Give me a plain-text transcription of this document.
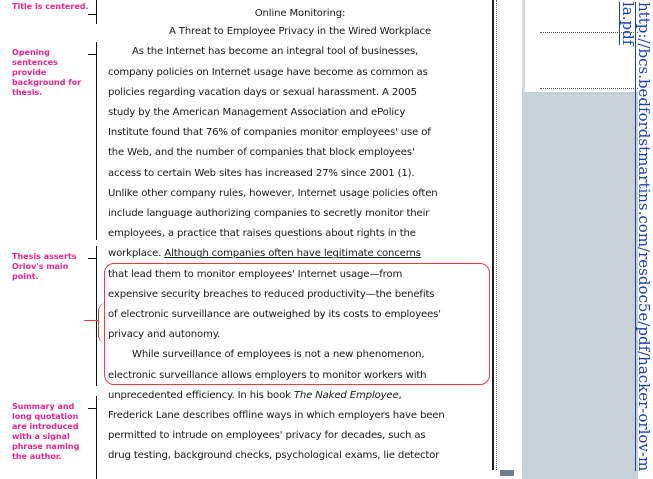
Title is centered.
Opening sentences provide background for thesis.
Thesis asserts Orlov's main point.
Summary and long quotation are introduced with a signal phrase naming the author.
Online Monitoring:
A Threat to Employee Privacy in the Wired Workplace
As the Internet has become an integral tool of businesses,
company policies on Internet usage have become as common as
policies regarding vacation days or sexual harassment. A 2005
study by the American Management Association and ePolicy
Institute found that 76% of companies monitor employees' use of
the Web, and the number of companies that block employees'
access to certain Web sites has increased 27% since 2001 (1).
Unlike other company rules, however, Internet usage policies often
include language authorizing companies to secretly monitor their
employees, a practice that raises questions about rights in the
workplace. Although companies often have legitimate concerns
that lead them to monitor employees' Internet usage—from
expensive security breaches to reduced productivity—the benefits
of electronic surveillance are outweighed by its costs to employees'
privacy and autonomy.
While surveillance of employees is not a new phenomenon,
electronic surveillance allows employers to monitor workers with
unprecedented efficiency. In his book The Naked Employee,
Frederick Lane describes offline ways in which employers have been
permitted to intrude on employees' privacy for decades, such as
drug testing, background checks, psychological exams, lie detector	http://bcs.bedfordstmartins.com/resdoc5e/pdf/hacker-orlov-mla.pdf
